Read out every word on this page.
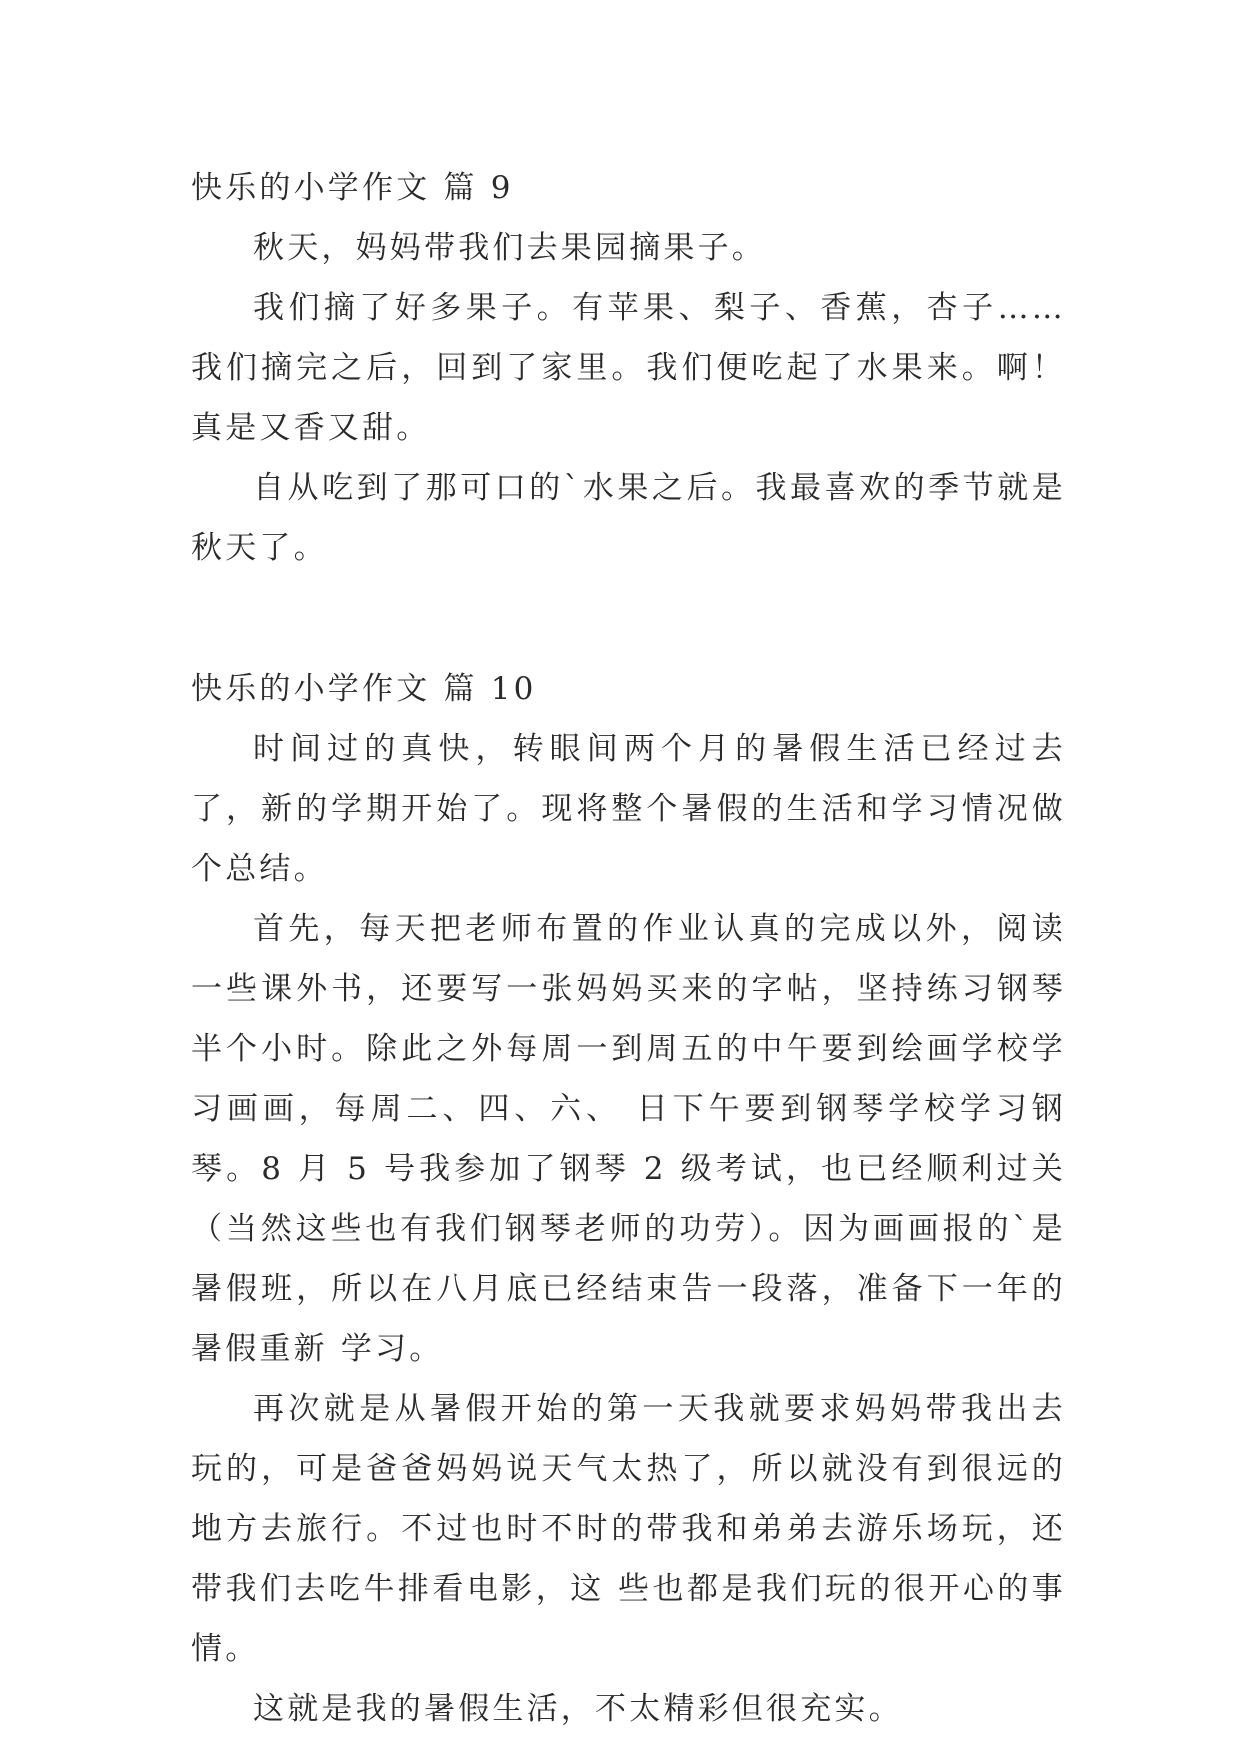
快乐的小学作文 篇 9

秋天，妈妈带我们去果园摘果子。

我们摘了好多果子。有苹果、梨子、香蕉，杏子……我们摘完之后，回到了家里。我们便吃起了水果来。啊！真是又香又甜。

自从吃到了那可口的`水果之后。我最喜欢的季节就是秋天了。

快乐的小学作文 篇 10

时间过的真快，转眼间两个月的暑假生活已经过去了，新的学期开始了。现将整个暑假的生活和学习情况做个总结。

首先，每天把老师布置的作业认真的完成以外，阅读一些课外书，还要写一张妈妈买来的字帖，坚持练习钢琴半个小时。除此之外每周一到周五的中午要到绘画学校学习画画，每周二、四、六、 日下午要到钢琴学校学习钢琴。8 月 5 号我参加了钢琴 2 级考试，也已经顺利过关（当然这些也有我们钢琴老师的功劳）。因为画画报的`是暑假班，所以在八月底已经结束告一段落，准备下一年的暑假重新 学习。

再次就是从暑假开始的第一天我就要求妈妈带我出去玩的，可是爸爸妈妈说天气太热了，所以就没有到很远的地方去旅行。不过也时不时的带我和弟弟去游乐场玩，还带我们去吃牛排看电影，这 些也都是我们玩的很开心的事情。

这就是我的暑假生活，不太精彩但很充实。
